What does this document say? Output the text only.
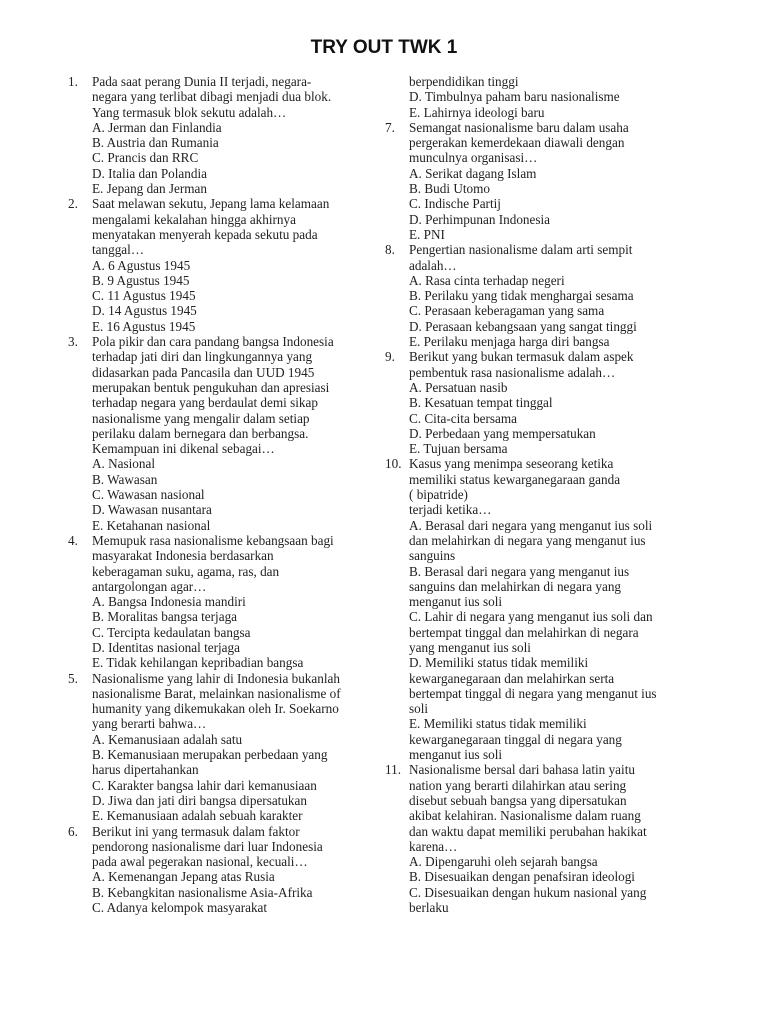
TRY OUT TWK 1
1.	Pada saat perang Dunia II terjadi, negara-

negara yang terlibat dibagi menjadi dua blok.

Yang termasuk blok sekutu adalah…

A. Jerman dan Finlandia

B. Austria dan Rumania

C. Prancis dan RRC

D. Italia dan Polandia

E. Jepang dan Jerman

2.	Saat melawan sekutu, Jepang lama kelamaan

mengalami kekalahan hingga akhirnya

menyatakan menyerah kepada sekutu pada

tanggal…

A. 6 Agustus 1945

B. 9 Agustus 1945

C. 11 Agustus 1945

D. 14 Agustus 1945

E. 16 Agustus 1945

3.	Pola pikir dan cara pandang bangsa Indonesia

terhadap jati diri dan lingkungannya yang

didasarkan pada Pancasila dan UUD 1945

merupakan bentuk pengukuhan dan apresiasi

terhadap negara yang berdaulat demi sikap

nasionalisme yang mengalir dalam setiap

perilaku dalam bernegara dan berbangsa.

Kemampuan ini dikenal sebagai…

A. Nasional

B. Wawasan

C. Wawasan nasional

D. Wawasan nusantara

E. Ketahanan nasional

4.	Memupuk rasa nasionalisme kebangsaan bagi

masyarakat Indonesia berdasarkan

keberagaman suku, agama, ras, dan

antargolongan agar…

A. Bangsa Indonesia mandiri

B. Moralitas bangsa terjaga

C. Tercipta kedaulatan bangsa

D. Identitas nasional terjaga

E. Tidak kehilangan kepribadian bangsa

5.	Nasionalisme yang lahir di Indonesia bukanlah

nasionalisme Barat, melainkan nasionalisme of

humanity yang dikemukakan oleh Ir. Soekarno

yang berarti bahwa…

A. Kemanusiaan adalah satu

B. Kemanusiaan merupakan perbedaan yang

harus dipertahankan

C. Karakter bangsa lahir dari kemanusiaan

D. Jiwa dan jati diri bangsa dipersatukan

E. Kemanusiaan adalah sebuah karakter

6.	Berikut ini yang termasuk dalam faktor

pendorong nasionalisme dari luar Indonesia

pada awal pegerakan nasional, kecuali…

A. Kemenangan Jepang atas Rusia

B. Kebangkitan nasionalisme Asia-Afrika

C. Adanya kelompok masyarakat

berpendidikan tinggi

D. Timbulnya paham baru nasionalisme

E. Lahirnya ideologi baru

7.	Semangat nasionalisme baru dalam usaha

pergerakan kemerdekaan diawali dengan

munculnya organisasi…

A. Serikat dagang Islam

B. Budi Utomo

C. Indische Partij

D. Perhimpunan Indonesia

E. PNI

8.	Pengertian nasionalisme dalam arti sempit

adalah…

A. Rasa cinta terhadap negeri

B. Perilaku yang tidak menghargai sesama

C. Perasaan keberagaman yang sama

D. Perasaan kebangsaan yang sangat tinggi

E. Perilaku menjaga harga diri bangsa

9.	Berikut yang bukan termasuk dalam aspek

pembentuk rasa nasionalisme adalah…

A. Persatuan nasib

B. Kesatuan tempat tinggal

C. Cita-cita bersama

D. Perbedaan yang mempersatukan

E. Tujuan bersama

10. Kasus yang menimpa seseorang ketika

memiliki status kewarganegaraan ganda

( bipatride)

terjadi ketika…

A. Berasal dari negara yang menganut ius soli

dan melahirkan di negara yang menganut ius

sanguins

B. Berasal dari negara yang menganut ius

sanguins dan melahirkan di negara yang

menganut ius soli

C. Lahir di negara yang menganut ius soli dan

bertempat tinggal dan melahirkan di negara

yang menganut ius soli

D. Memiliki status tidak memiliki

kewarganegaraan dan melahirkan serta

bertempat tinggal di negara yang menganut ius

soli

E. Memiliki status tidak memiliki

kewarganegaraan tinggal di negara yang

menganut ius soli

11. Nasionalisme bersal dari bahasa latin yaitu

nation yang berarti dilahirkan atau sering

disebut sebuah bangsa yang dipersatukan

akibat kelahiran. Nasionalisme dalam ruang

dan waktu dapat memiliki perubahan hakikat

karena…

A. Dipengaruhi oleh sejarah bangsa

B. Disesuaikan dengan penafsiran ideologi

C. Disesuaikan dengan hukum nasional yang

berlaku
